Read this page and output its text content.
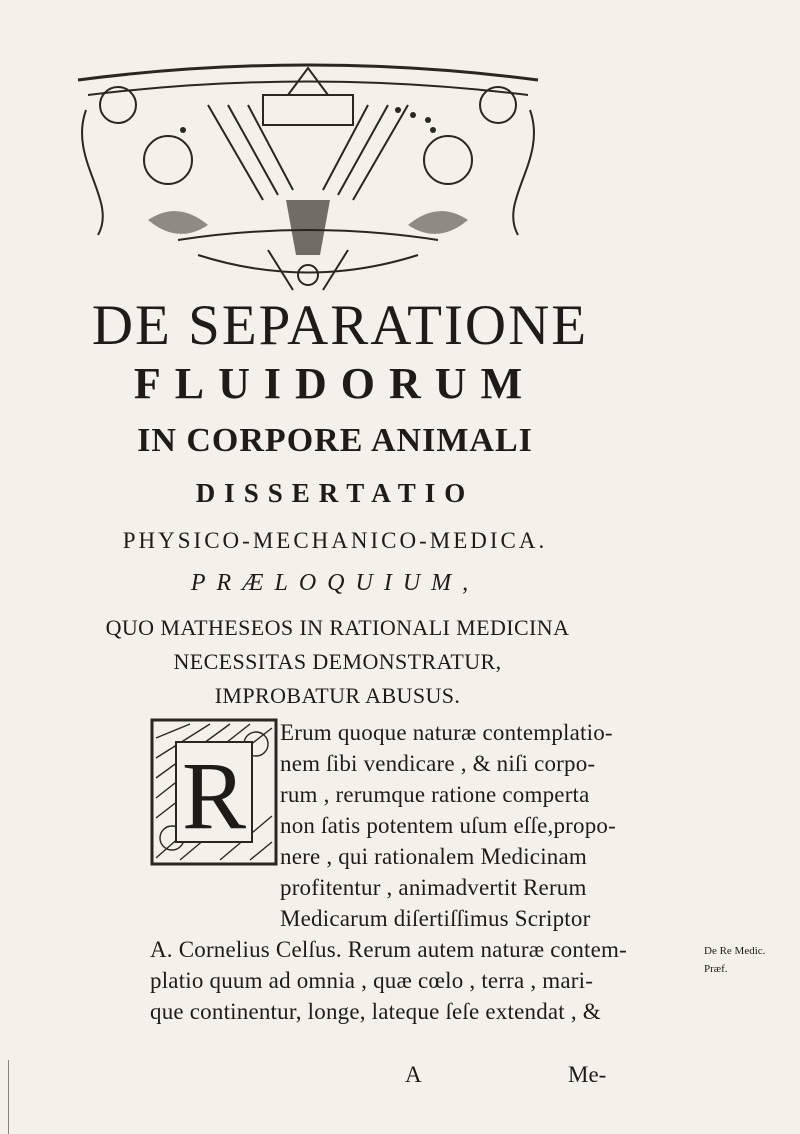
DE SEPARATIONE
FLUIDORUM
IN CORPORE ANIMALI
DISSERTATIO
PHYSICO-MECHANICO-MEDICA.
PRÆLOQUIUM,
QUO MATHESEOS IN RATIONALI MEDICINA
NECESSITAS DEMONSTRATUR,
IMPROBATUR ABUSUS.
R
Erum quoque naturæ contemplatio-
nem ſibi vendicare , & niſi corpo-
rum , rerumque ratione comperta
non ſatis potentem uſum eſſe,propo-
nere , qui rationalem Medicinam
profitentur , animadvertit Rerum
Medicarum diſertiſſimus Scriptor
A. Cornelius Celſus. Rerum autem naturæ contem-
platio quum ad omnia , quæ cœlo , terra , mari-
que continentur, longe, lateque ſeſe extendat , &
A	Me-
De Re Medic.
Præf.
